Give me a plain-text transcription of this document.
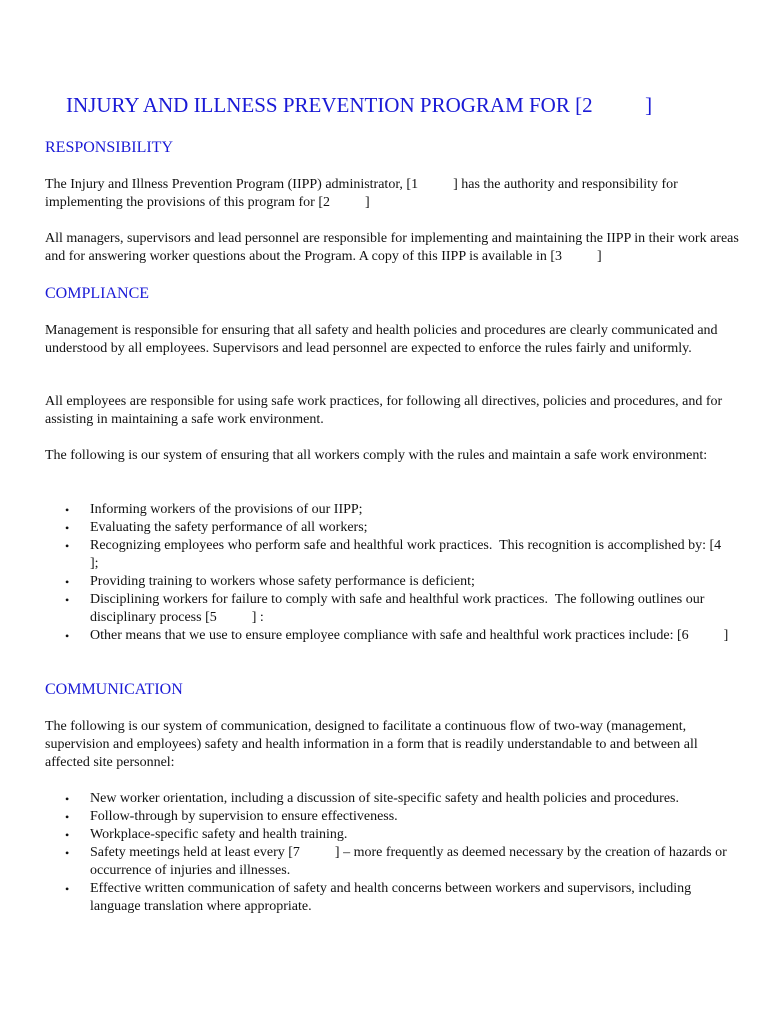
INJURY AND ILLNESS PREVENTION PROGRAM FOR [2          ]
RESPONSIBILITY

The Injury and Illness Prevention Program (IIPP) administrator, [1          ] has the authority and responsibility for implementing the provisions of this program for [2          ]

All managers, supervisors and lead personnel are responsible for implementing and maintaining the IIPP in their work areas and for answering worker questions about the Program. A copy of this IIPP is available in [3          ]

COMPLIANCE

Management is responsible for ensuring that all safety and health policies and procedures are clearly communicated and understood by all employees. Supervisors and lead personnel are expected to enforce the rules fairly and uniformly.

All employees are responsible for using safe work practices, for following all directives, policies and procedures, and for assisting in maintaining a safe work environment.

The following is our system of ensuring that all workers comply with the rules and maintain a safe work environment:

• Informing workers of the provisions of our IIPP;
• Evaluating the safety performance of all workers;
• Recognizing employees who perform safe and healthful work practices.  This recognition is accomplished by: [4          ];
• Providing training to workers whose safety performance is deficient;
• Disciplining workers for failure to comply with safe and healthful work practices.  The following outlines our disciplinary process [5          ] :
• Other means that we use to ensure employee compliance with safe and healthful work practices include: [6          ]
COMMUNICATION

The following is our system of communication, designed to facilitate a continuous flow of two-way (management, supervision and employees) safety and health information in a form that is readily understandable to and between all affected site personnel:

• New worker orientation, including a discussion of site-specific safety and health policies and procedures.
• Follow-through by supervision to ensure effectiveness.
• Workplace-specific safety and health training.
• Safety meetings held at least every [7          ] – more frequently as deemed necessary by the creation of hazards or occurrence of injuries and illnesses.
• Effective written communication of safety and health concerns between workers and supervisors, including language translation where appropriate.
